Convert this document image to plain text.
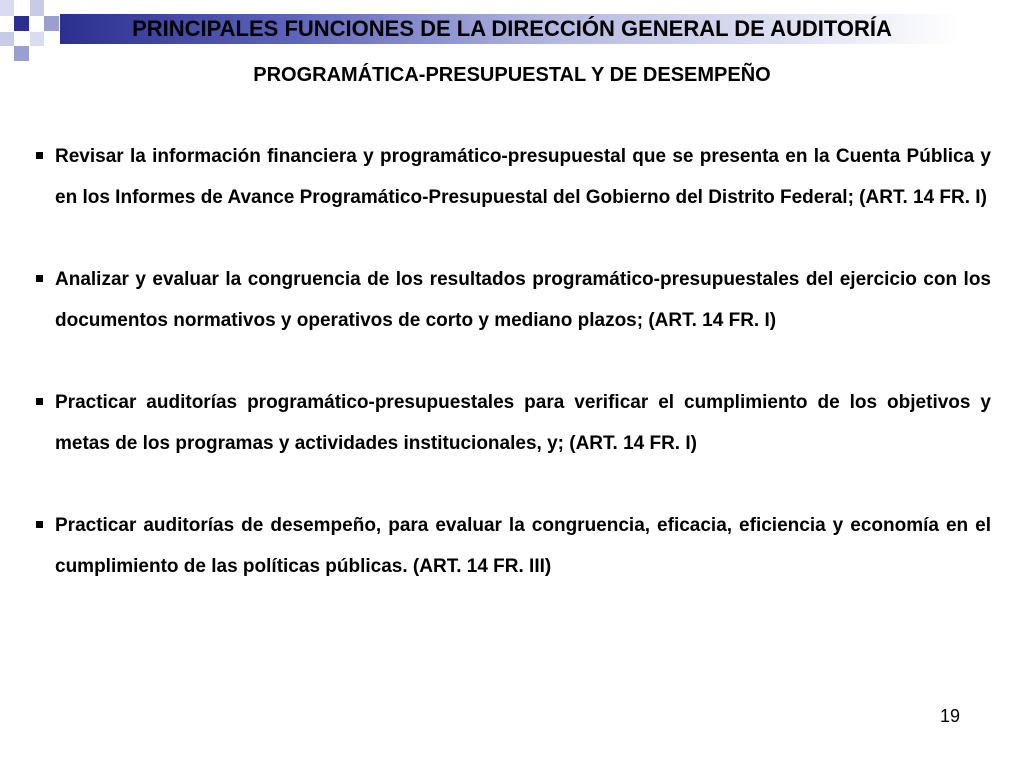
PRINCIPALES FUNCIONES DE LA DIRECCIÓN GENERAL DE AUDITORÍA
PROGRAMÁTICA-PRESUPUESTAL Y DE DESEMPEÑO
Revisar la información financiera y programático-presupuestal que se presenta en la Cuenta Pública y en los Informes de Avance Programático-Presupuestal del Gobierno del Distrito Federal; (ART. 14 FR. I)
Analizar y evaluar la congruencia de los resultados programático-presupuestales del ejercicio con los documentos normativos y operativos de corto y mediano plazos; (ART. 14 FR. I)
Practicar auditorías programático-presupuestales para verificar el cumplimiento de los objetivos y metas de los programas y actividades institucionales, y; (ART. 14 FR. I)
Practicar auditorías de desempeño, para evaluar la congruencia, eficacia, eficiencia y economía en el cumplimiento de las políticas públicas. (ART. 14 FR. III)
19
